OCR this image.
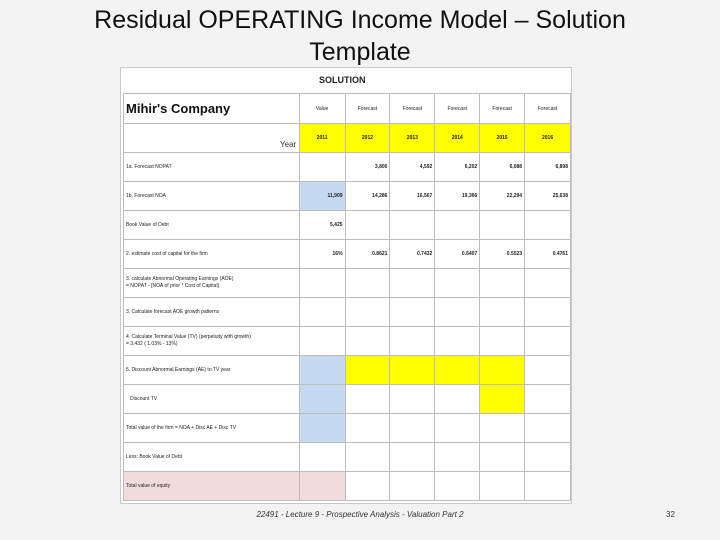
Residual OPERATING Income Model – Solution
Template
SOLUTION
Mihir's Company	Value	Forecast	Forecast	Forecast	Forecast	Forecast

Year	2011	2012	2013	2014	2015	2016
1a. Forecast NOPAT		3,800	4,592	6,202	6,088	6,898
1b. Forecast NOA	11,909	14,286	16,567	19,366	22,294	25,638
Book Value of Debt	5,425					
2. estimate cost of capital for the firm	16%	0.8621	0.7432	0.6407	0.5523	0.4761

3. calculate Abnormal Operating Earnings (AOE)
= NOPAT - [NOA of prior * Cost of Capital]						

3. Calculate forecast AOE growth patterns						

4. Calculate Terminal Value (TV) (perpetuity with growth)
= 3,432 ( 1.03% - 13%)						

5. Discount Abnormal Earnings (AE) to TV year						
Discount TV						
Total value of the firm = NOA + Disc AE + Disc TV						
Less: Book Value of Debt						
Total value of equity						
22491 - Lecture 9 - Prospective Analysis - Valuation Part 2	32
